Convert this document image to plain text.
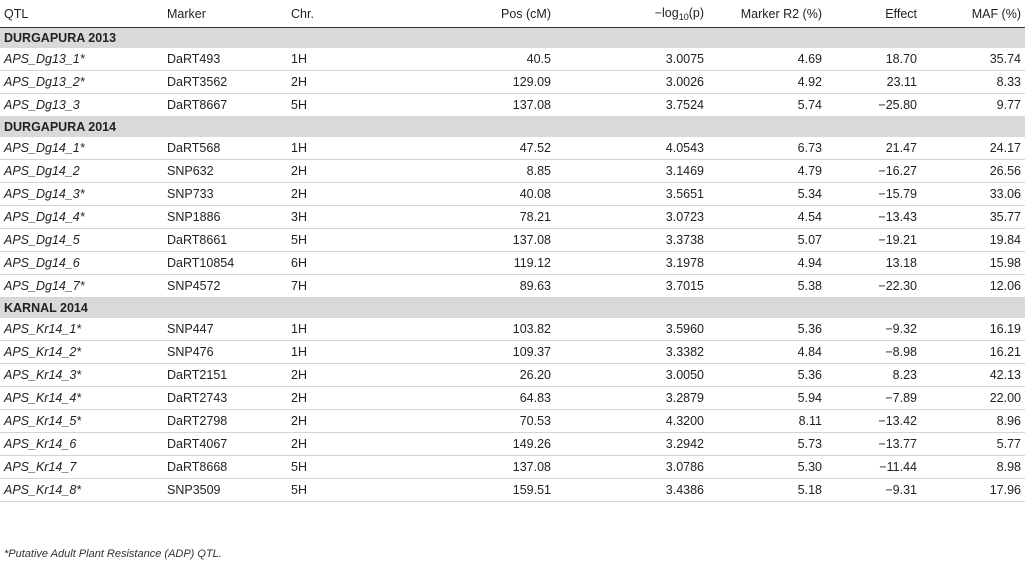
QTL	Marker	Chr.	Pos (cM)	$-\log_{10}(p)$	Marker R2 (%)	Effect	MAF (%)
DURGAPURA 2013							
APS_Dg13_1*	DaRT493	1H	40.5	3.0075	4.69	18.70	35.74
APS_Dg13_2*	DaRT3562	2H	129.09	3.0026	4.92	23.11	8.33
APS_Dg13_3	DaRT8667	5H	137.08	3.7524	5.74	−25.80	9.77
DURGAPURA 2014							
APS_Dg14_1*	DaRT568	1H	47.52	4.0543	6.73	21.47	24.17
APS_Dg14_2	SNP632	2H	8.85	3.1469	4.79	−16.27	26.56
APS_Dg14_3*	SNP733	2H	40.08	3.5651	5.34	−15.79	33.06
APS_Dg14_4*	SNP1886	3H	78.21	3.0723	4.54	−13.43	35.77
APS_Dg14_5	DaRT8661	5H	137.08	3.3738	5.07	−19.21	19.84
APS_Dg14_6	DaRT10854	6H	119.12	3.1978	4.94	13.18	15.98
APS_Dg14_7*	SNP4572	7H	89.63	3.7015	5.38	−22.30	12.06
KARNAL 2014							
APS_Kr14_1*	SNP447	1H	103.82	3.5960	5.36	−9.32	16.19
APS_Kr14_2*	SNP476	1H	109.37	3.3382	4.84	−8.98	16.21
APS_Kr14_3*	DaRT2151	2H	26.20	3.0050	5.36	8.23	42.13
APS_Kr14_4*	DaRT2743	2H	64.83	3.2879	5.94	−7.89	22.00
APS_Kr14_5*	DaRT2798	2H	70.53	4.3200	8.11	−13.42	8.96
APS_Kr14_6	DaRT4067	2H	149.26	3.2942	5.73	−13.77	5.77
APS_Kr14_7	DaRT8668	5H	137.08	3.0786	5.30	−11.44	8.98
APS_Kr14_8*	SNP3509	5H	159.51	3.4386	5.18	−9.31	17.96
*Putative Adult Plant Resistance (ADP) QTL.
